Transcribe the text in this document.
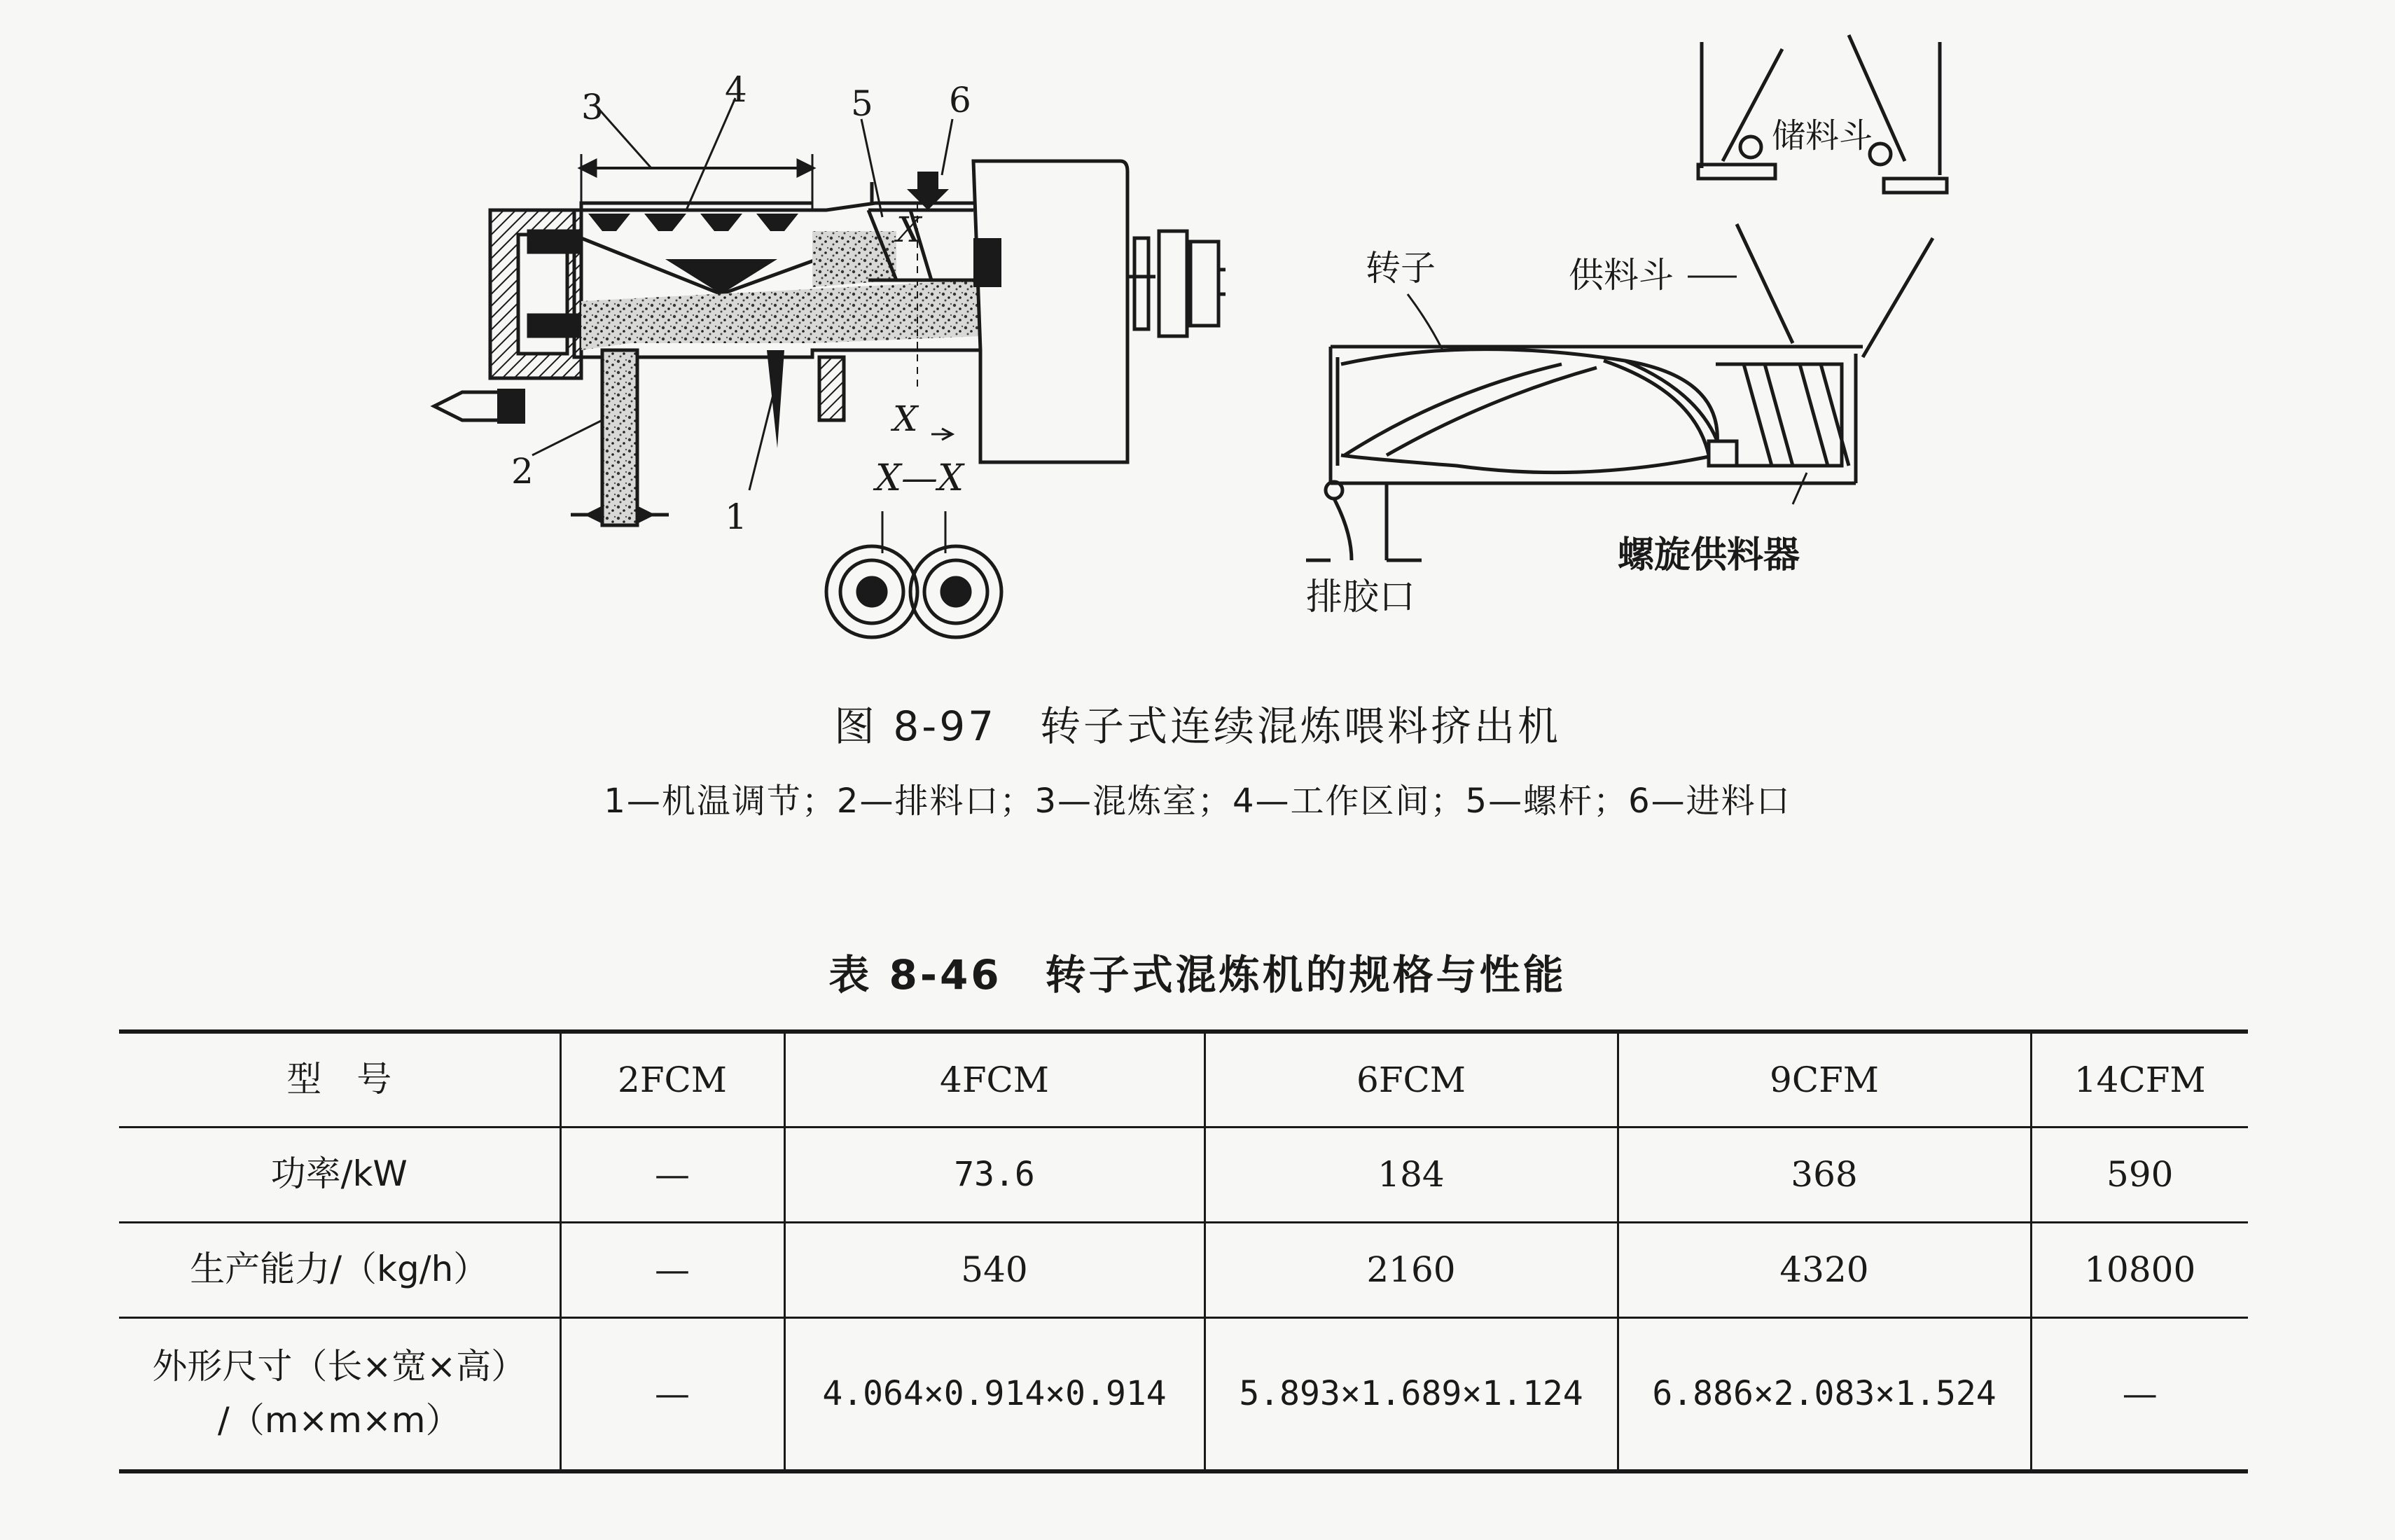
3	4	5 6
2
1
X
X
X—X
储料斗
转子	供料斗
排胶口
螺旋供料器
图 8-97　转子式连续混炼喂料挤出机
1—机温调节；2—排料口；3—混炼室；4—工作区间；5—螺杆；6—进料口
表 8-46　转子式混炼机的规格与性能
型　号	2FCM	4FCM	6FCM	9CFM	14CFM
功率/kW	—	73.6	184	368	590
生产能力/（kg/h）	—	540	2160	4320	10800

外形尺寸（长×宽×高）
/（m×m×m）	—	4.064×0.914×0.914	5.893×1.689×1.124	6.886×2.083×1.524	—
